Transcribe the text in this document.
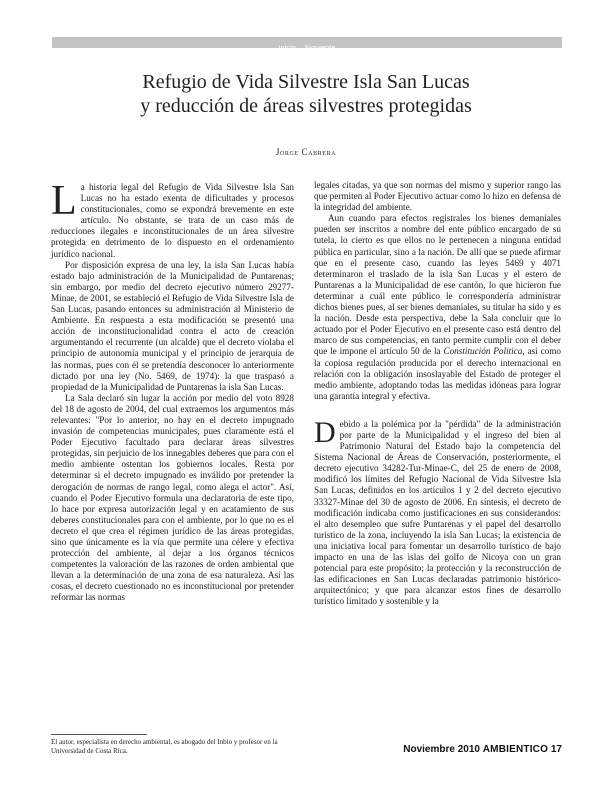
Inicio – Siguiente
Refugio de Vida Silvestre Isla San Lucas
y reducción de áreas silvestres protegidas
Jorge Cabrera

La historia legal del Refugio de Vida Silvestre Isla San Lucas no ha estado exenta de dificultades y procesos constitucionales, como se expondrá brevemente en este artículo. No obstante, se trata de un caso más de reducciones ilegales e inconstitucionales de un área silvestre protegida en detrimento de lo dispuesto en el ordenamiento jurídico nacional.

Por disposición expresa de una ley, la isla San Lucas había estado bajo administración de la Municipalidad de Puntarenas; sin embargo, por medio del decreto ejecutivo número 29277-Minae, de 2001, se estableció el Refugio de Vida Silvestre Isla de San Lucas, pasando entonces su administración al Ministerio de Ambiente. En respuesta a esta modificación se presentó una acción de inconstitucionalidad contra el acto de creación argumentando el recurrente (un alcalde) que el decreto violaba el principio de autonomía municipal y el principio de jerarquía de las normas, pues con él se pretendía desconocer lo anteriormente dictado por una ley (No. 5469, de 1974): la que traspasó a propiedad de la Municipalidad de Puntarenas la isla San Lucas.

La Sala declaró sin lugar la acción por medio del voto 8928 del 18 de agosto de 2004, del cual extraemos los argumentos más relevantes: "Por lo anterior, no hay en el decreto impugnado invasión de competencias municipales, pues claramente está el Poder Ejecutivo facultado para declarar áreas silvestres protegidas, sin perjuicio de los innegables deberes que para con el medio ambiente ostentan los gobiernos locales. Resta por determinar si el decreto impugnado es inválido por pretender la derogación de normas de rango legal, como alega el actor". Así, cuando el Poder Ejecutivo formula una declaratoria de este tipo, lo hace por expresa autorización legal y en acatamiento de sus deberes constitucionales para con el ambiente, por lo que no es el decreto el que crea el régimen jurídico de las áreas protegidas, sino que únicamente es la vía que permite una célere y efectiva protección del ambiente, al dejar a los órganos técnicos competentes la valoración de las razones de orden ambiental que llevan a la determinación de una zona de esa naturaleza. Así las cosas, el decreto cuestionado no es inconstitucional por pretender reformar las normas

legales citadas, ya que son normas del mismo y superior rango las que permiten al Poder Ejecutivo actuar como lo hizo en defensa de la integridad del ambiente.

Aun cuando para efectos registrales los bienes demaniales pueden ser inscritos a nombre del ente público encargado de su tutela, lo cierto es que ellos no le pertenecen a ninguna entidad pública en particular, sino a la nación. De allí que se puede afirmar que en el presente caso, cuando las leyes 5469 y 4071 determinaron el traslado de la isla San Lucas y el estero de Puntarenas a la Municipalidad de ese cantón, lo que hicieron fue determinar a cuál ente público le correspondería administrar dichos bienes pues, al ser bienes demaniales, su titular ha sido y es la nación. Desde esta perspectiva, debe la Sala concluir que lo actuado por el Poder Ejecutivo en el presente caso está dentro del marco de sus competencias, en tanto permite cumplir con el deber que le impone el artículo 50 de la Constitución Política, así como la copiosa regulación producida por el derecho internacional en relación con la obligación insoslayable del Estado de proteger el medio ambiente, adoptando todas las medidas idóneas para lograr una garantía integral y efectiva.

Debido a la polémica por la "pérdida" de la administración por parte de la Municipalidad y el ingreso del bien al Patrimonio Natural del Estado bajo la competencia del Sistema Nacional de Áreas de Conservación, posteriormente, el decreto ejecutivo 34282-Tur-Minae-C, del 25 de enero de 2008, modificó los límites del Refugio Nacional de Vida Silvestre Isla San Lucas, definidos en los artículos 1 y 2 del decreto ejecutivo 33327-Minae del 30 de agosto de 2006. En síntesis, el decreto de modificación indicaba como justificaciones en sus considerandos: el alto desempleo que sufre Puntarenas y el papel del desarrollo turístico de la zona, incluyendo la isla San Lucas; la existencia de una iniciativa local para fomentar un desarrollo turístico de bajo impacto en una de las islas del golfo de Nicoya con un gran potencial para este propósito; la protección y la reconstrucción de las edificaciones en San Lucas declaradas patrimonio histórico-arquitectónico; y que para alcanzar estos fines de desarrollo turístico limitado y sostenible y la

El autor, especialista en derecho ambiental, es abogado del Inbio y profesor en la Universidad de Costa Rica.	Noviembre 2010 AMBIENTICO 17
